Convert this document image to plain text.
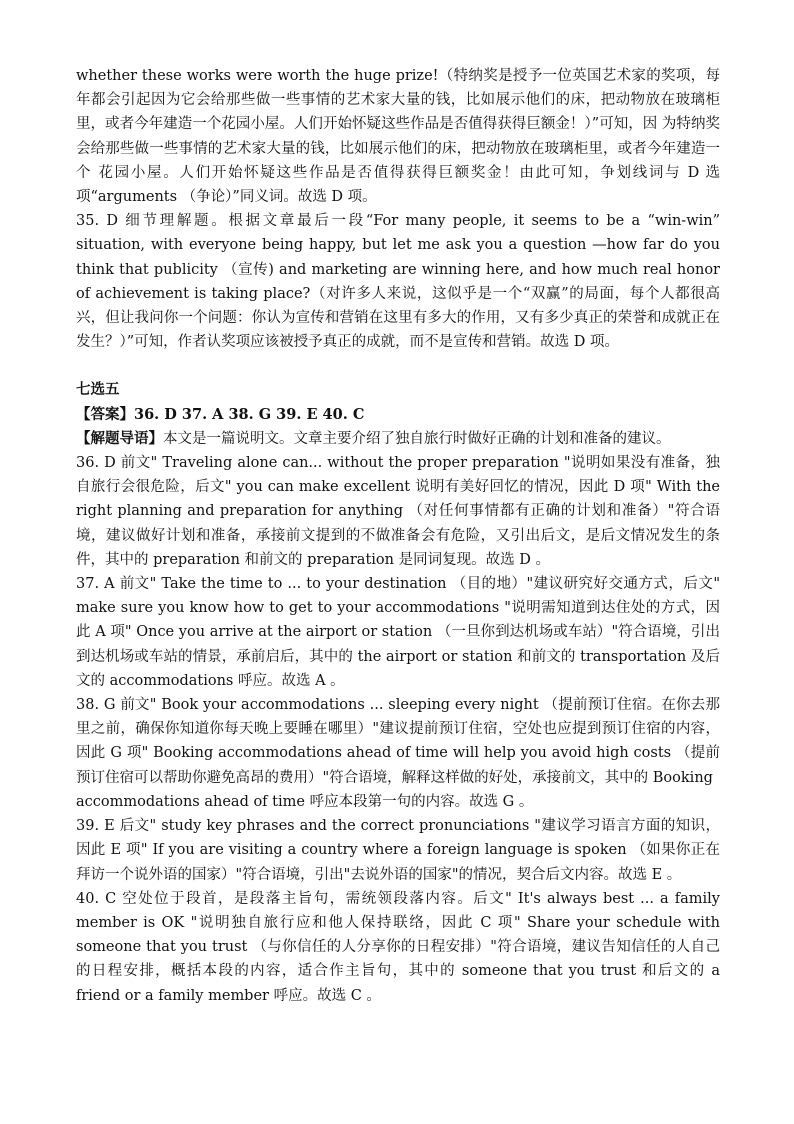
whether these works were worth the huge prize!（特纳奖是授予一位英国艺术家的奖项，每年都会引起因为它会给那些做一些事情的艺术家大量的钱，比如展示他们的床，把动物放在玻璃柜里，或者今年建造一个花园小屋。人们开始怀疑这些作品是否值得获得巨额金！）”可知，因 为特纳奖会给那些做一些事情的艺术家大量的钱，比如展示他们的床，把动物放在玻璃柜里，或者今年建造一个 花园小屋。人们开始怀疑这些作品是否值得获得巨额奖金！由此可知，争划线词与 D 选项“arguments （争论）”同义词。故选 D 项。

35. D 细节理解题。根据文章最后一段“For many people, it seems to be a “win-win” situation, with everyone being happy, but let me ask you a question —how far do you think that publicity （宣传) and marketing are winning here, and how much real honor of achievement is taking place?（对许多人来说，这似乎是一个“双赢”的局面，每个人都很高兴，但让我问你一个问题：你认为宣传和营销在这里有多大的作用，又有多少真正的荣誉和成就正在发生？）”可知，作者认奖项应该被授予真正的成就，而不是宣传和营销。故选 D 项。

七选五

【答案】36. D 37. A 38. G 39. E 40. C

【解题导语】本文是一篇说明文。文章主要介绍了独自旅行时做好正确的计划和准备的建议。

36. D 前文" Traveling alone can... without the proper preparation "说明如果没有准备，独自旅行会很危险，后文" you can make excellent 说明有美好回忆的情况，因此 D 项" With the right planning and preparation for anything （对任何事情都有正确的计划和准备）"符合语境，建议做好计划和准备，承接前文提到的不做准备会有危险，又引出后文，是后文情况发生的条件，其中的 preparation 和前文的 preparation 是同词复现。故选 D 。

37. A 前文" Take the time to ... to your destination （目的地）"建议研究好交通方式，后文" make sure you know how to get to your accommodations "说明需知道到达住处的方式，因此 A 项" Once you arrive at the airport or station （一旦你到达机场或车站）"符合语境，引出到达机场或车站的情景，承前启后，其中的 the airport or station 和前文的 transportation 及后文的 accommodations 呼应。故选 A 。

38. G 前文" Book your accommodations ... sleeping every night （提前预订住宿。在你去那里之前，确保你知道你每天晚上要睡在哪里）"建议提前预订住宿，空处也应提到预订住宿的内容，因此 G 项" Booking accommodations ahead of time will help you avoid high costs （提前预订住宿可以帮助你避免高昂的费用）"符合语境，解释这样做的好处，承接前文，其中的 Booking

accommodations ahead of time 呼应本段第一句的内容。故选 G 。

39. E 后文" study key phrases and the correct pronunciations "建议学习语言方面的知识，因此 E 项" If you are visiting a country where a foreign language is spoken （如果你正在拜访一个说外语的国家）"符合语境，引出"去说外语的国家"的情况，契合后文内容。故选 E 。

40. C 空处位于段首，是段落主旨句，需统领段落内容。后文" It's always best ... a family member is OK "说明独自旅行应和他人保持联络，因此 C 项" Share your schedule with someone that you trust （与你信任的人分享你的日程安排）"符合语境，建议告知信任的人自己的日程安排，概括本段的内容，适合作主旨句，其中的 someone that you trust 和后文的 a friend or a family member 呼应。故选 C 。
